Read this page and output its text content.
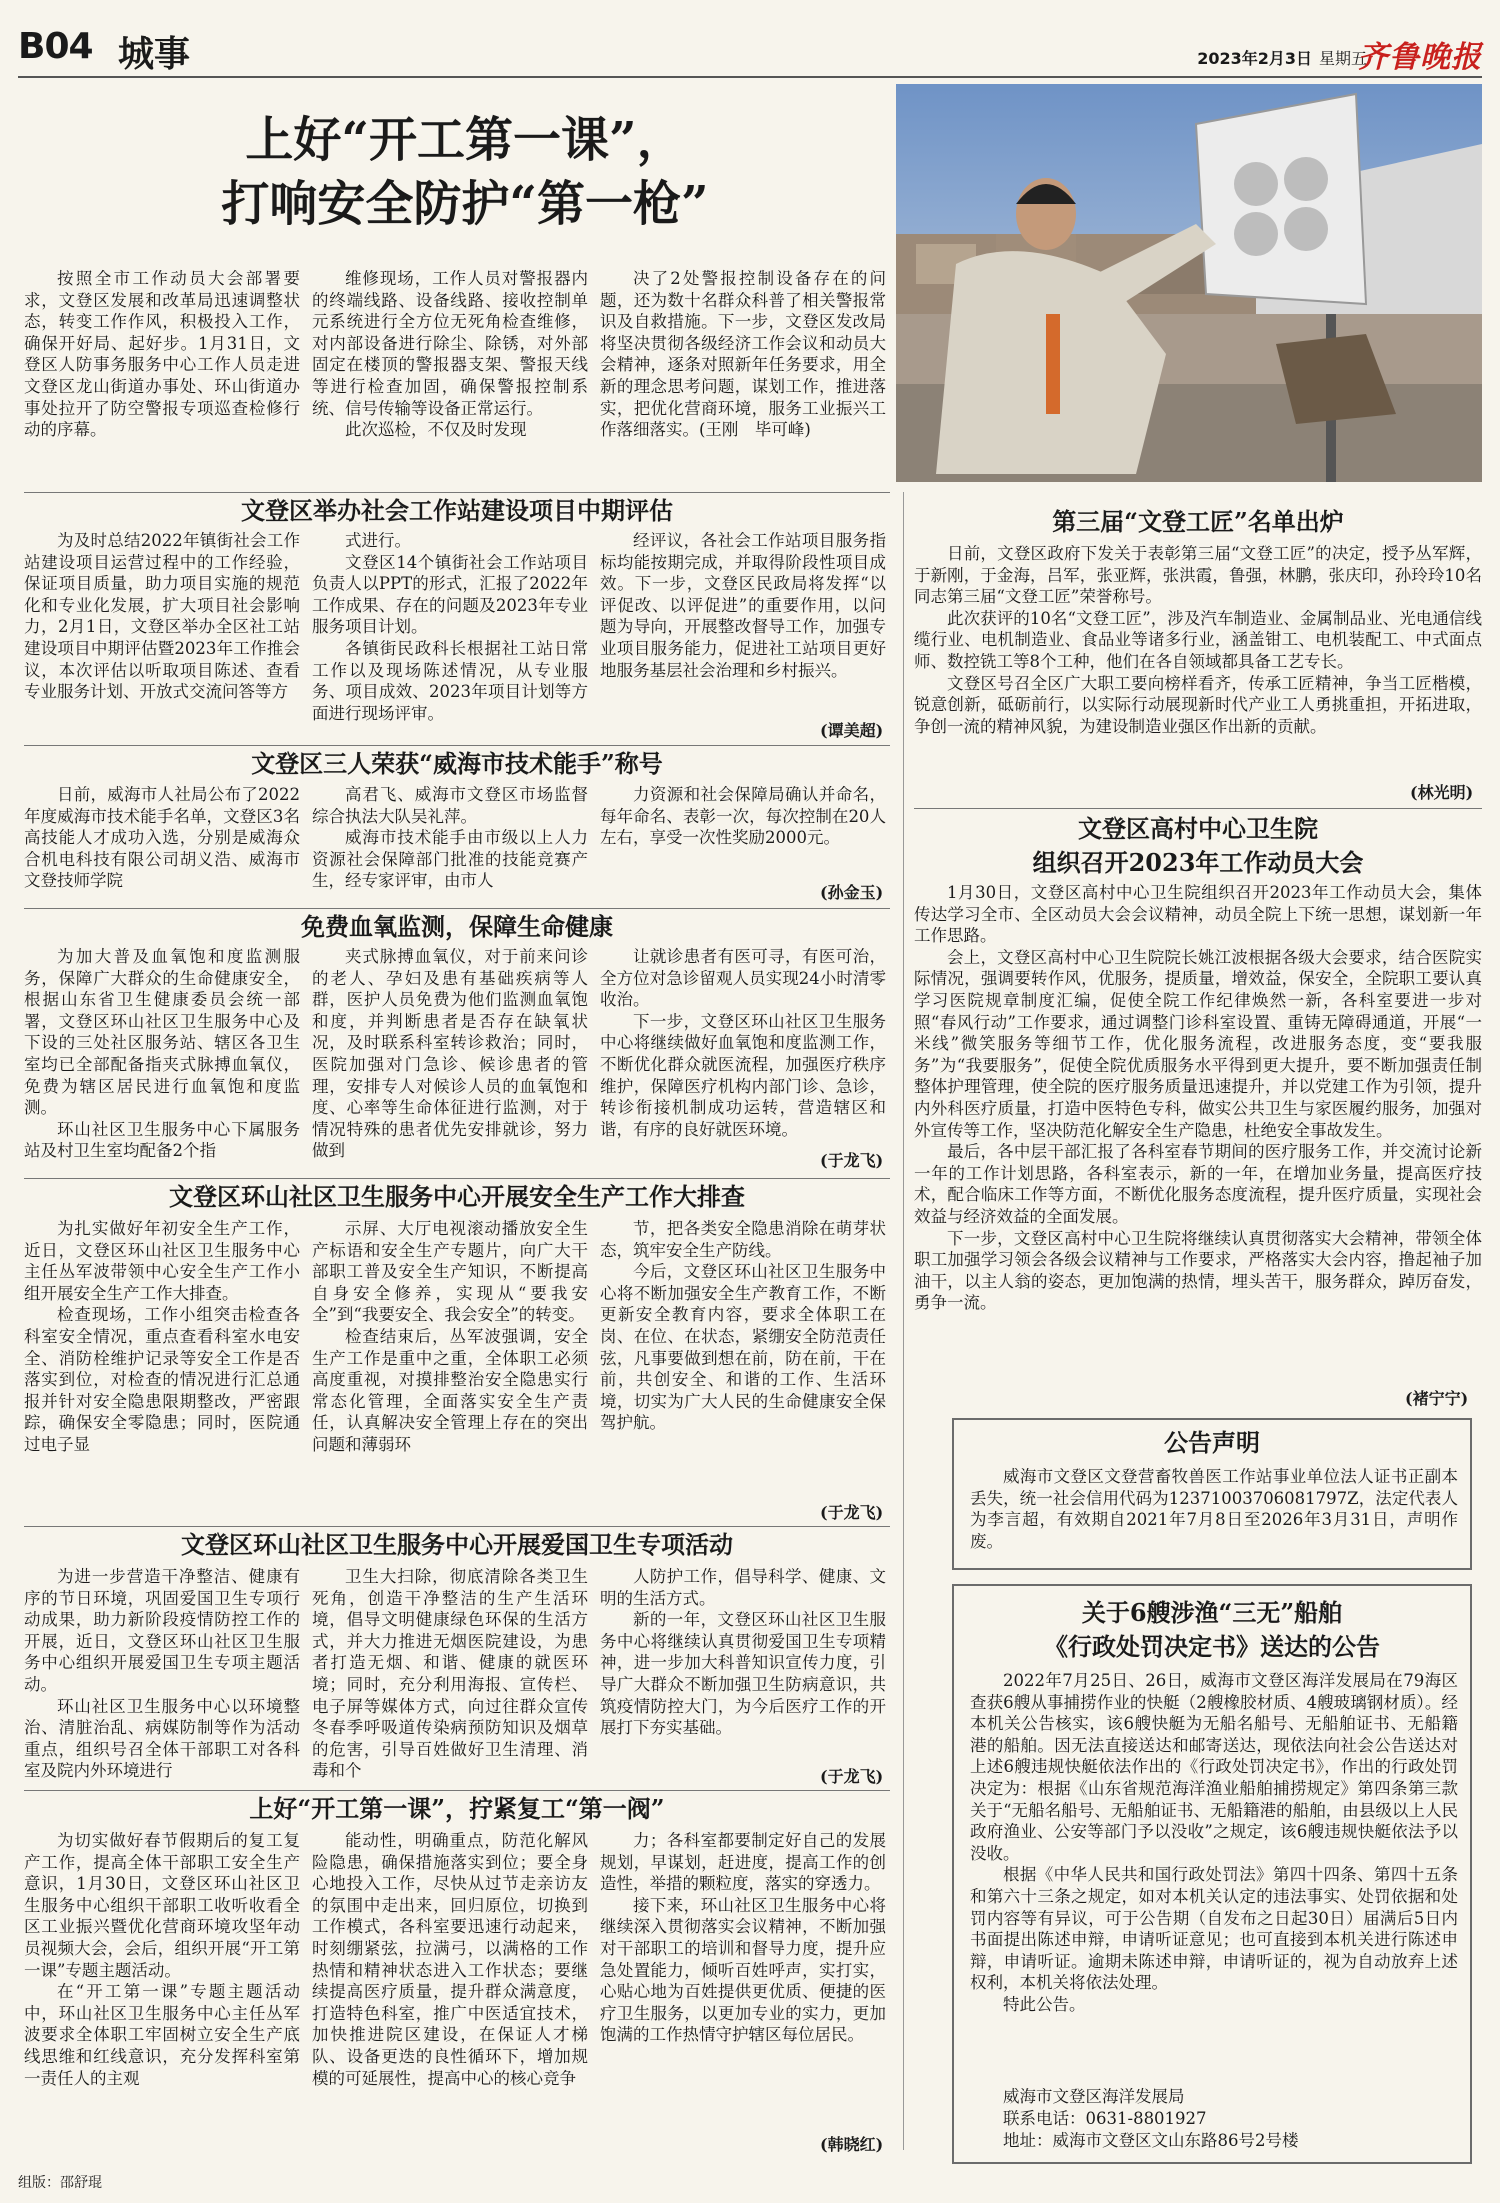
B04 城事	2023年2月3日 星期五
齐鲁晚报
上好“开工第一课”，
打响安全防护“第一枪”

按照全市工作动员大会部署要求，文登区发展和改革局迅速调整状态，转变工作作风，积极投入工作，确保开好局、起好步。1月31日，文登区人防事务服务中心工作人员走进文登区龙山街道办事处、环山街道办事处拉开了防空警报专项巡查检修行动的序幕。

维修现场，工作人员对警报器内的终端线路、设备线路、接收控制单元系统进行全方位无死角检查维修，对内部设备进行除尘、除锈，对外部固定在楼顶的警报器支架、警报天线等进行检查加固，确保警报控制系统、信号传输等设备正常运行。

此次巡检，不仅及时发现

决了2处警报控制设备存在的问题，还为数十名群众科普了相关警报常识及自救措施。下一步，文登区发改局将坚决贯彻各级经济工作会议和动员大会精神，逐条对照新年任务要求，用全新的理念思考问题，谋划工作，推进落实，把优化营商环境，服务工业振兴工作落细落实。(王刚　毕可峰)

文登区举办社会工作站建设项目中期评估

为及时总结2022年镇街社会工作站建设项目运营过程中的工作经验，保证项目质量，助力项目实施的规范化和专业化发展，扩大项目社会影响力，2月1日，文登区举办全区社工站建设项目中期评估暨2023年工作推会议，本次评估以听取项目陈述、查看专业服务计划、开放式交流问答等方

式进行。

文登区14个镇街社会工作站项目负责人以PPT的形式，汇报了2022年工作成果、存在的问题及2023年专业服务项目计划。

各镇街民政科长根据社工站日常工作以及现场陈述情况，从专业服务、项目成效、2023年项目计划等方面进行现场评审。

经评议，各社会工作站项目服务指标均能按期完成，并取得阶段性项目成效。下一步，文登区民政局将发挥“以评促改、以评促进”的重要作用，以问题为导向，开展整改督导工作，加强专业项目服务能力，促进社工站项目更好地服务基层社会治理和乡村振兴。

(谭美超)
文登区三人荣获“威海市技术能手”称号

日前，威海市人社局公布了2022年度威海市技术能手名单，文登区3名高技能人才成功入选，分别是威海众合机电科技有限公司胡义浩、威海市文登技师学院

高君飞、威海市文登区市场监督综合执法大队吴礼萍。

威海市技术能手由市级以上人力资源社会保障部门批准的技能竞赛产生，经专家评审，由市人

力资源和社会保障局确认并命名，每年命名、表彰一次，每次控制在20人左右，享受一次性奖励2000元。

(孙金玉)
免费血氧监测，保障生命健康

为加大普及血氧饱和度监测服务，保障广大群众的生命健康安全，根据山东省卫生健康委员会统一部署，文登区环山社区卫生服务中心及下设的三处社区服务站、辖区各卫生室均已全部配备指夹式脉搏血氧仪，免费为辖区居民进行血氧饱和度监测。

环山社区卫生服务中心下属服务站及村卫生室均配备2个指

夹式脉搏血氧仪，对于前来问诊的老人、孕妇及患有基础疾病等人群，医护人员免费为他们监测血氧饱和度，并判断患者是否存在缺氧状况，及时联系科室转诊救治；同时，医院加强对门急诊、候诊患者的管理，安排专人对候诊人员的血氧饱和度、心率等生命体征进行监测，对于情况特殊的患者优先安排就诊，努力做到

让就诊患者有医可寻，有医可治，全方位对急诊留观人员实现24小时清零收治。

下一步，文登区环山社区卫生服务中心将继续做好血氧饱和度监测工作，不断优化群众就医流程，加强医疗秩序维护，保障医疗机构内部门诊、急诊，转诊衔接机制成功运转，营造辖区和谐，有序的良好就医环境。

(于龙飞)
文登区环山社区卫生服务中心开展安全生产工作大排查

为扎实做好年初安全生产工作，近日，文登区环山社区卫生服务中心主任丛军波带领中心安全生产工作小组开展安全生产工作大排查。

检查现场，工作小组突击检查各科室安全情况，重点查看科室水电安全、消防栓维护记录等安全工作是否落实到位，对检查的情况进行汇总通报并针对安全隐患限期整改，严密跟踪，确保安全零隐患；同时，医院通过电子显

示屏、大厅电视滚动播放安全生产标语和安全生产专题片，向广大干部职工普及安全生产知识，不断提高自身安全修养，实现从“要我安全”到“我要安全、我会安全”的转变。

检查结束后，丛军波强调，安全生产工作是重中之重，全体职工必须高度重视，对摸排整治安全隐患实行常态化管理，全面落实安全生产责任，认真解决安全管理上存在的突出问题和薄弱环

节，把各类安全隐患消除在萌芽状态，筑牢安全生产防线。

今后，文登区环山社区卫生服务中心将不断加强安全生产教育工作，不断更新安全教育内容，要求全体职工在岗、在位、在状态，紧绷安全防范责任弦，凡事要做到想在前，防在前，干在前，共创安全、和谐的工作、生活环境，切实为广大人民的生命健康安全保驾护航。

(于龙飞)
文登区环山社区卫生服务中心开展爱国卫生专项活动

为进一步营造干净整洁、健康有序的节日环境，巩固爱国卫生专项行动成果，助力新阶段疫情防控工作的开展，近日，文登区环山社区卫生服务中心组织开展爱国卫生专项主题活动。

环山社区卫生服务中心以环境整治、清脏治乱、病媒防制等作为活动重点，组织号召全体干部职工对各科室及院内外环境进行

卫生大扫除，彻底清除各类卫生死角，创造干净整洁的生产生活环境，倡导文明健康绿色环保的生活方式，并大力推进无烟医院建设，为患者打造无烟、和谐、健康的就医环境；同时，充分利用海报、宣传栏、电子屏等媒体方式，向过往群众宣传冬春季呼吸道传染病预防知识及烟草的危害，引导百姓做好卫生清理、消毒和个

人防护工作，倡导科学、健康、文明的生活方式。

新的一年，文登区环山社区卫生服务中心将继续认真贯彻爱国卫生专项精神，进一步加大科普知识宣传力度，引导广大群众不断加强卫生防病意识，共筑疫情防控大门，为今后医疗工作的开展打下夯实基础。

(于龙飞)
上好“开工第一课”，拧紧复工“第一阀”

为切实做好春节假期后的复工复产工作，提高全体干部职工安全生产意识，1月30日，文登区环山社区卫生服务中心组织干部职工收听收看全区工业振兴暨优化营商环境攻坚年动员视频大会，会后，组织开展“开工第一课”专题主题活动。

在“开工第一课”专题主题活动中，环山社区卫生服务中心主任丛军波要求全体职工牢固树立安全生产底线思维和红线意识，充分发挥科室第一责任人的主观

能动性，明确重点，防范化解风险隐患，确保措施落实到位；要全身心地投入工作，尽快从过节走亲访友的氛围中走出来，回归原位，切换到工作模式，各科室要迅速行动起来，时刻绷紧弦，拉满弓，以满格的工作热情和精神状态进入工作状态；要继续提高医疗质量，提升群众满意度，打造特色科室，推广中医适宜技术，加快推进院区建设，在保证人才梯队、设备更迭的良性循环下，增加规模的可延展性，提高中心的核心竞争

力；各科室都要制定好自己的发展规划，早谋划，赶进度，提高工作的创造性，举措的颗粒度，落实的穿透力。

接下来，环山社区卫生服务中心将继续深入贯彻落实会议精神，不断加强对干部职工的培训和督导力度，提升应急处置能力，倾听百姓呼声，实打实，心贴心地为百姓提供更优质、便捷的医疗卫生服务，以更加专业的实力，更加饱满的工作热情守护辖区每位居民。

(韩晓红)
第三届“文登工匠”名单出炉

日前，文登区政府下发关于表彰第三届“文登工匠”的决定，授予丛军辉，于新刚，于金海，吕军，张亚辉，张洪霞，鲁强，林鹏，张庆印，孙玲玲10名同志第三届“文登工匠”荣誉称号。

此次获评的10名“文登工匠”，涉及汽车制造业、金属制品业、光电通信线缆行业、电机制造业、食品业等诸多行业，涵盖钳工、电机装配工、中式面点师、数控铣工等8个工种，他们在各自领域都具备工艺专长。

文登区号召全区广大职工要向榜样看齐，传承工匠精神，争当工匠楷模，锐意创新，砥砺前行，以实际行动展现新时代产业工人勇挑重担，开拓进取，争创一流的精神风貌，为建设制造业强区作出新的贡献。

(林光明)
文登区高村中心卫生院
组织召开2023年工作动员大会

1月30日，文登区高村中心卫生院组织召开2023年工作动员大会，集体传达学习全市、全区动员大会会议精神，动员全院上下统一思想，谋划新一年工作思路。

会上，文登区高村中心卫生院院长姚江波根据各级大会要求，结合医院实际情况，强调要转作风，优服务，提质量，增效益，保安全，全院职工要认真学习医院规章制度汇编，促使全院工作纪律焕然一新，各科室要进一步对照“春风行动”工作要求，通过调整门诊科室设置、重铸无障碍通道，开展“一米线”微笑服务等细节工作，优化服务流程，改进服务态度，变“要我服务”为“我要服务”，促使全院优质服务水平得到更大提升，要不断加强责任制整体护理管理，使全院的医疗服务质量迅速提升，并以党建工作为引领，提升内外科医疗质量，打造中医特色专科，做实公共卫生与家医履约服务，加强对外宣传等工作，坚决防范化解安全生产隐患，杜绝安全事故发生。

最后，各中层干部汇报了各科室春节期间的医疗服务工作，并交流讨论新一年的工作计划思路，各科室表示，新的一年，在增加业务量，提高医疗技术，配合临床工作等方面，不断优化服务态度流程，提升医疗质量，实现社会效益与经济效益的全面发展。

下一步，文登区高村中心卫生院将继续认真贯彻落实大会精神，带领全体职工加强学习领会各级会议精神与工作要求，严格落实大会内容，撸起袖子加油干，以主人翁的姿态，更加饱满的热情，埋头苦干，服务群众，踔厉奋发，勇争一流。

(褚宁宁)
公告声明

威海市文登区文登营畜牧兽医工作站事业单位法人证书正副本丢失，统一社会信用代码为12371003706081797Z，法定代表人为李言超，有效期自2021年7月8日至2026年3月31日，声明作废。

关于6艘涉渔“三无”船舶
《行政处罚决定书》送达的公告

2022年7月25日、26日，威海市文登区海洋发展局在79海区查获6艘从事捕捞作业的快艇（2艘橡胶材质、4艘玻璃钢材质）。经本机关公告核实，该6艘快艇为无船名船号、无船舶证书、无船籍港的船舶。因无法直接送达和邮寄送达，现依法向社会公告送达对上述6艘违规快艇依法作出的《行政处罚决定书》，作出的行政处罚决定为：根据《山东省规范海洋渔业船舶捕捞规定》第四条第三款关于“无船名船号、无船舶证书、无船籍港的船舶，由县级以上人民政府渔业、公安等部门予以没收”之规定，该6艘违规快艇依法予以没收。

根据《中华人民共和国行政处罚法》第四十四条、第四十五条和第六十三条之规定，如对本机关认定的违法事实、处罚依据和处罚内容等有异议，可于公告期（自发布之日起30日）届满后5日内书面提出陈述申辩，申请听证意见；也可直接到本机关进行陈述申辩，申请听证。逾期未陈述申辩，申请听证的，视为自动放弃上述权利，本机关将依法处理。

特此公告。

威海市文登区海洋发展局

联系电话：0631-8801927

地址：威海市文登区文山东路86号2号楼

组版：邵舒琨
